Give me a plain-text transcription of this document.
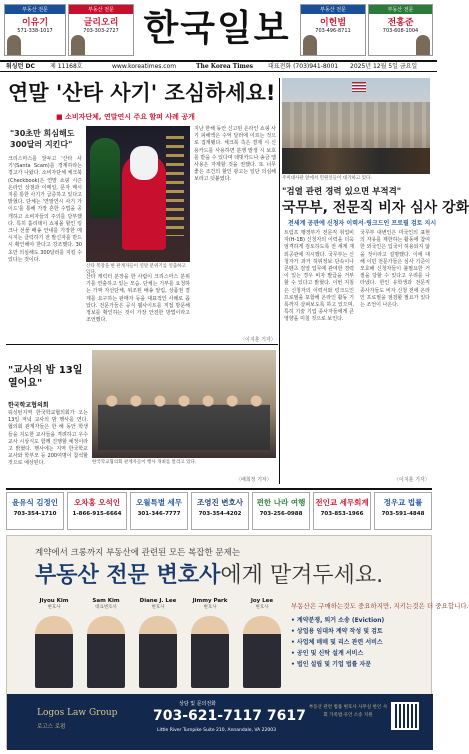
부동산 전문
이유기
571-338-1017
부동산 전문
글리오리
703-303-2727 한국일보	부동산 전문
이헌범
703-496-8711
부동산 전문
전홍준
703-608-1004
워싱턴 DC	제 11168호	www.koreatimes.com	The Korea Times 대표전화 (703)941-8001 2025년 12월 5일 금요일
연말 '산타 사기' 조심하세요!
■ 소비자단체, 연말연시 주요 할퍼 사례 공개
"30초만 희심해도 300달러 지킨다"
크리스마스를 앞두고 '산타 사기'(Santa Scam)를 경계하라는 경고가 나왔다. 소비자단체 체크북(Checkbook)은 연말 쇼핑 시즌 온라인 상점과 이메일, 문자 메시지를 통한 사기가 급증하고 있다고 밝혔다. 단체는 '연말연시 사기 가이드'를 통해 가장 흔한 수법을 공개하고 소비자들의 주의를 당부했다. 특히 홀리데이 쇼핑몰 할인 링크나 선물 배송 안내를 가장한 메시지는 클릭하기 전 발신자를 반드시 확인해야 한다고 강조했다. 30초만 의심해도 300달러를 지킬 수 있다는 것이다.
산타 복장을 한 관계자들이 연말 분위기를 연출하고 있다.
산타 캐릭터 분장을 한 사람이 크리스마스 분위기를 연출하고 있는 모습. 단체는 기부를 요청하는 가짜 자선단체, 위조된 배송 알림, 상품권 결제를 요구하는 판매자 등을 대표적인 사례로 꼽았다. 전문가들은 공식 웹사이트를 직접 방문해 정보를 확인하는 것이 가장 안전한 방법이라고 조언했다.
지난 한해 동안 신고된 온라인 쇼핑 사기 피해액은 수억 달러에 이르는 것으로 집계됐다. 체크북 측은 결제 시 신용카드를 사용하면 분쟁 발생 시 보호를 받을 수 있다며 데빗카드나 송금 앱 사용은 자제할 것을 권했다. 또 너무 좋은 조건의 할인 광고는 일단 의심해 보라고 덧붙였다.
〈이지훈 기자〉
주미대사관 앞에서 민원인들이 대기하고 있다.
"검열 관련 경력 있으면 부적격"
국무부, 전문직 비자 심사 강화
전세계 공관에 신청자 이력서·링크드인 프로필 검토 지시
트럼프 행정부가 전문직 취업비자(H-1B) 신청자의 이력을 더욱 엄격하게 검토하도록 전 세계 재외공관에 지시했다. 국무부는 신청자가 과거 허위정보 단속이나 콘텐츠 검열 업무에 관여한 경력이 있는 경우 비자 발급을 거부할 수 있다고 밝혔다. 이번 지침은 신청자의 이력서와 링크드인 프로필을 포함해 온라인 활동 기록까지 살펴보도록 하고 있으며, 특히 기술 기업 종사자들에게 큰 영향을 미칠 것으로 보인다.
국무부 대변인은 미국인의 표현의 자유를 제한하는 활동에 참여한 외국인은 입국이 허용되지 않을 것이라고 설명했다. 이에 대해 이민 전문가들은 심사 기준이 모호해 신청자들이 불필요한 거절을 당할 수 있다고 우려를 나타냈다. 한인 유학생과 전문직 종사자들도 비자 신청 전에 온라인 프로필을 점검할 필요가 있다는 조언이 나온다.
〈이지훈 기자〉
"교사의 밤 13일 열어요"
한국학교협의회
워싱턴지역 한국학교협의회가 오는 13일 저녁 교사의 밤 행사를 연다. 협의회 관계자들은 한 해 동안 학생들을 지도한 교사들을 격려하고 우수 교사 시상식도 함께 진행할 예정이라고 밝혔다. 행사에는 지역 한국학교 교사와 학부모 등 200여명이 참석할 것으로 예상된다.	한국학교협의회 관계자들이 행사 개최를 알리고 있다.
〈배희정 기자〉
윤유식 김정인
703-354-1710
오차홍 오석인
1-866-915-6664
오월특별 세무
301-346-7777
조영진 변호사
703-354-4202
편한 나라 여행
703-256-0988
전인교 세무회계
703-853-1966
정우교 법률
703-591-4848
계약에서 크롱까지 부동산에 관련된 모든 복잡한 문제는
부동산 전문 변호사에게 맡겨두세요.
Jiyou Kim
변호사
Sam Kim
대표변호사
Diane J. Lee
변호사
Jimmy Park
변호사
Joy Lee
변호사	부동산은 구매하는것도 중요하지만, 지키는것은 더 중요합니다.
• 계약분쟁, 퇴거 소송 (Eviction)
• 상업용 임대차 계약 작성 및 검토
• 사업체 매매 및 리스 관련 서비스
• 공인 및 신탁 설계 서비스
• 법인 설립 및 기업 법률 자문
Logos Law Group
로고스 로펌
상담 및 문의전화
703-621-7117 7617
Little River Turnpike Suite 210, Annandale, VA 22003
부동산 관련 법률 변호사 사무실 한인 사회 가족법·유언 소송 지원
